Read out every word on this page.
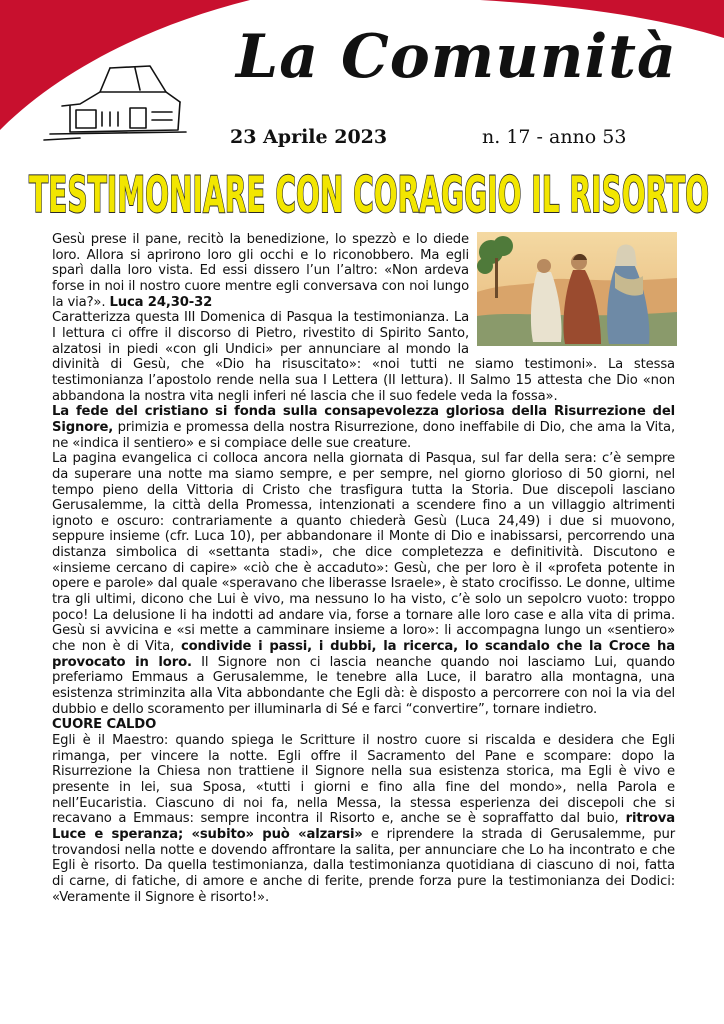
La Comunità
23 Aprile 2023	n. 17 - anno 53
TESTIMONIARE CON CORAGGIO IL RISORTO

Gesù prese il pane, recitò la benedizione, lo spezzò e lo diede loro. Allora si aprirono loro gli occhi e lo riconobbero. Ma egli sparì dalla loro vista. Ed essi dissero l’un l’altro: «Non ardeva forse in noi il nostro cuore mentre egli conversava con noi lungo la via?». Luca 24,30-32

Caratterizza questa III Domenica di Pasqua la testimonianza. La I lettura ci offre il discorso di Pietro, rivestito di Spirito Santo, alzatosi in piedi «con gli Undici» per annunciare al mondo la divinità di Gesù, che «Dio ha risuscitato»: «noi tutti ne siamo testimoni». La stessa testimonianza l’apostolo rende nella sua I Lettera (II lettura). Il Salmo 15 attesta che Dio «non abbandona la nostra vita negli inferi né lascia che il suo fedele veda la fossa».

La fede del cristiano si fonda sulla consapevolezza gloriosa della Risurrezione del Signore, primizia e promessa della nostra Risurrezione, dono ineffabile di Dio, che ama la Vita, ne «indica il sentiero» e si compiace delle sue creature.

La pagina evangelica ci colloca ancora nella giornata di Pasqua, sul far della sera: c’è sempre da superare una notte ma siamo sempre, e per sempre, nel giorno glorioso di 50 giorni, nel tempo pieno della Vittoria di Cristo che trasfigura tutta la Storia. Due discepoli lasciano Gerusalemme, la città della Promessa, intenzionati a scendere fino a un villaggio altrimenti ignoto e oscuro: contrariamente a quanto chiederà Gesù (Luca 24,49) i due si muovono, seppure insieme (cfr. Luca 10), per abbandonare il Monte di Dio e inabissarsi, percorrendo una distanza simbolica di «settanta stadi», che dice completezza e definitività. Discutono e «insieme cercano di capire» «ciò che è accaduto»: Gesù, che per loro è il «profeta potente in opere e parole» dal quale «speravano che liberasse Israele», è stato crocifisso. Le donne, ultime tra gli ultimi, dicono che Lui è vivo, ma nessuno lo ha visto, c’è solo un sepolcro vuoto: troppo poco! La delusione li ha indotti ad andare via, forse a tornare alle loro case e alla vita di prima. Gesù si avvicina e «si mette a camminare insieme a loro»: li accompagna lungo un «sentiero» che non è di Vita, condivide i passi, i dubbi, la ricerca, lo scandalo che la Croce ha provocato in loro. Il Signore non ci lascia neanche quando noi lasciamo Lui, quando preferiamo Emmaus a Gerusalemme, le tenebre alla Luce, il baratro alla montagna, una esistenza striminzita alla Vita abbondante che Egli dà: è disposto a percorrere con noi la via del dubbio e dello scoramento per illuminarla di Sé e farci “convertire”, tornare indietro.

CUORE CALDO

Egli è il Maestro: quando spiega le Scritture il nostro cuore si riscalda e desidera che Egli rimanga, per vincere la notte. Egli offre il Sacramento del Pane e scompare: dopo la Risurrezione la Chiesa non trattiene il Signore nella sua esistenza storica, ma Egli è vivo e presente in lei, sua Sposa, «tutti i giorni e fino alla fine del mondo», nella Parola e nell’Eucaristia. Ciascuno di noi fa, nella Messa, la stessa esperienza dei discepoli che si recavano a Emmaus: sempre incontra il Risorto e, anche se è sopraffatto dal buio, ritrova Luce e speranza; «subito» può «alzarsi» e riprendere la strada di Gerusalemme, pur trovandosi nella notte e dovendo affrontare la salita, per annunciare che Lo ha incontrato e che Egli è risorto. Da quella testimonianza, dalla testimonianza quotidiana di ciascuno di noi, fatta di carne, di fatiche, di amore e anche di ferite, prende forza pure la testimonianza dei Dodici: «Veramente il Signore è risorto!».
